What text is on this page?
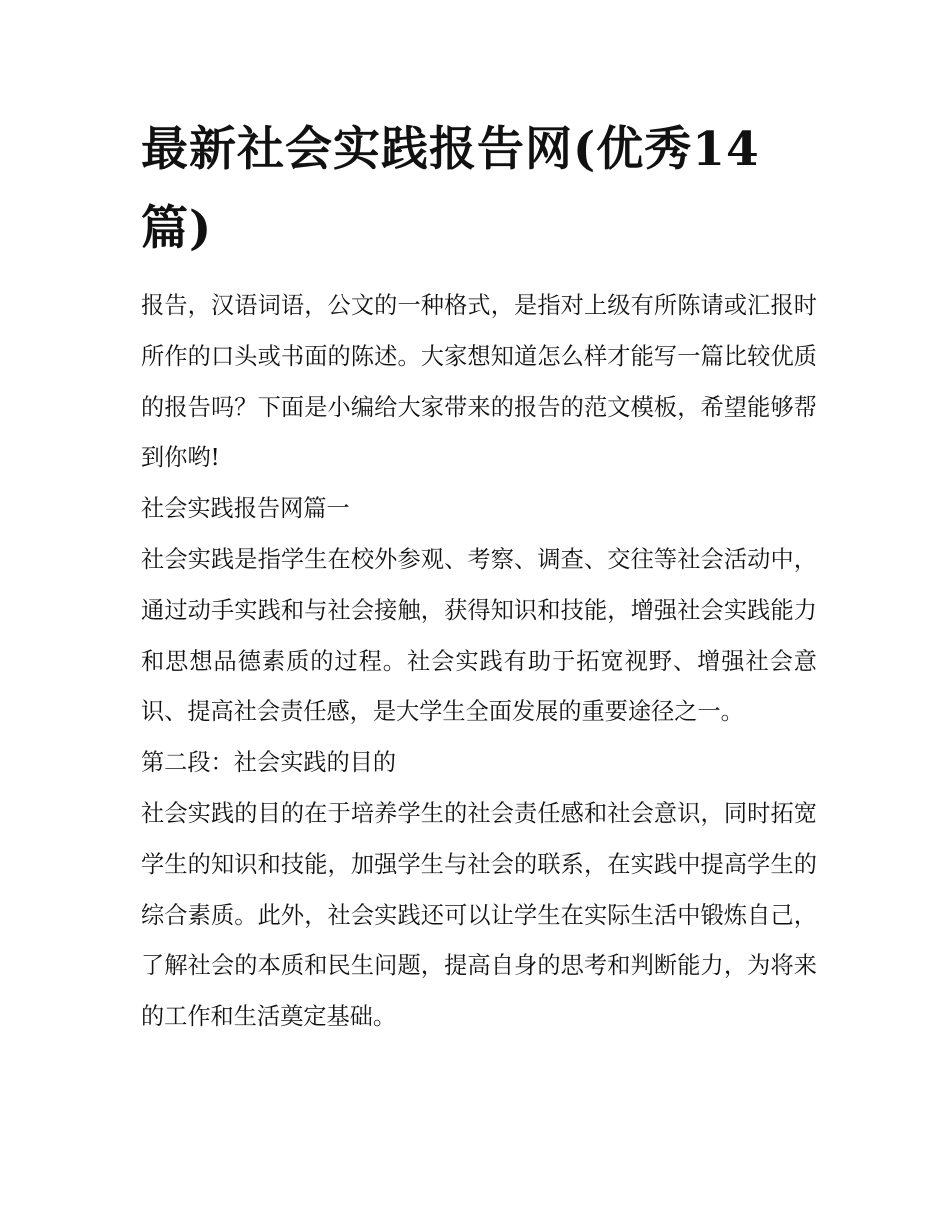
最新社会实践报告网(优秀14篇)

报告，汉语词语，公文的一种格式，是指对上级有所陈请或汇报时所作的口头或书面的陈述。大家想知道怎么样才能写一篇比较优质的报告吗？下面是小编给大家带来的报告的范文模板，希望能够帮到你哟!

社会实践报告网篇一

社会实践是指学生在校外参观、考察、调查、交往等社会活动中，通过动手实践和与社会接触，获得知识和技能，增强社会实践能力和思想品德素质的过程。社会实践有助于拓宽视野、增强社会意识、提高社会责任感，是大学生全面发展的重要途径之一。

第二段：社会实践的目的

社会实践的目的在于培养学生的社会责任感和社会意识，同时拓宽学生的知识和技能，加强学生与社会的联系，在实践中提高学生的综合素质。此外，社会实践还可以让学生在实际生活中锻炼自己，了解社会的本质和民生问题，提高自身的思考和判断能力，为将来的工作和生活奠定基础。
